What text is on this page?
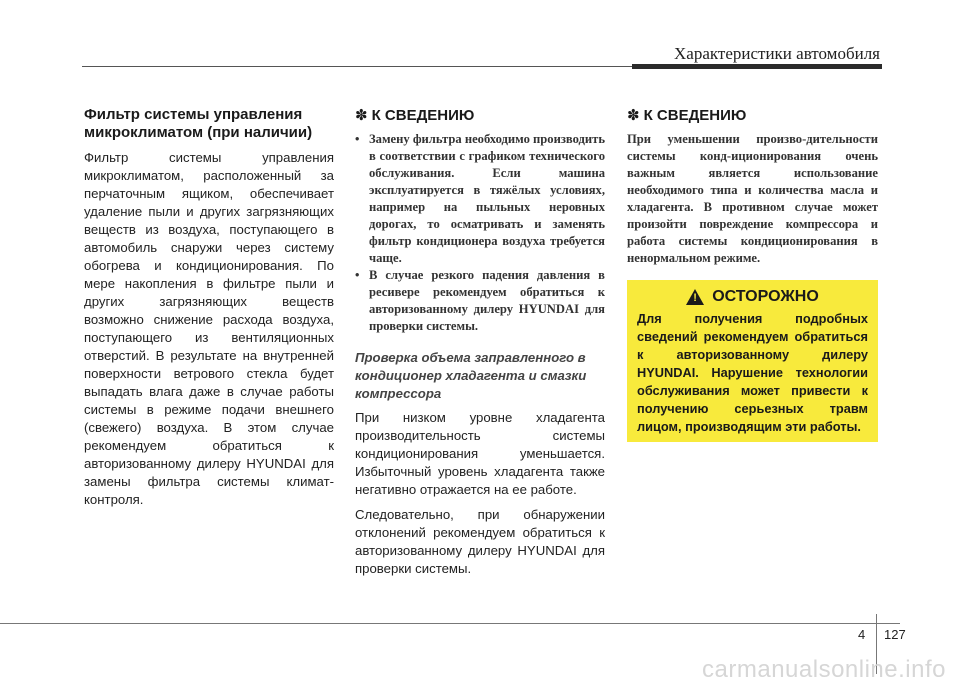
Характеристики автомобиля
Фильтр системы управления
микроклиматом (при наличии)

Фильтр системы управления микроклиматом, расположенный за перчаточным ящиком, обеспечивает удаление пыли и других загрязняющих веществ из воздуха, поступающего в автомобиль снаружи через систему обогрева и кондиционирования. По мере накопления в фильтре пыли и других загрязняющих веществ возможно снижение расхода воздуха, поступающего из вентиляционных отверстий. В результате на внутренней поверхности ветрового стекла будет выпадать влага даже в случае работы системы в режиме подачи внешнего (свежего) воздуха. В этом случае рекомендуем обратиться к авторизованному дилеру HYUNDAI для замены фильтра системы климат-контроля.

✽ К СВЕДЕНИЮ
• Замену фильтра необходимо производить в соответствии с графиком технического обслуживания. Если машина эксплуатируется в тяжёлых условиях, например на пыльных неровных дорогах, то осматривать и заменять фильтр кондиционера воздуха требуется чаще.
• В случае резкого падения давления в ресивере рекомендуем обратиться к авторизованному дилеру HYUNDAI для проверки системы.
Проверка объема заправленного в кондиционер хладагента и смазки компрессора

При низком уровне хладагента производительность системы кондиционирования уменьшается. Избыточный уровень хладагента также негативно отражается на ее работе.

Следовательно, при обнаружении отклонений рекомендуем обратиться к авторизованному дилеру HYUNDAI для проверки системы.

✽ К СВЕДЕНИЮ

При уменьшении произво-дительности системы конд-иционирования очень важным является использование необходимого типа и количества масла и хладагента. В противном случае может произойти повреждение компрессора и работа системы кондиционирования в ненормальном режиме.

! ОСТОРОЖНО

Для получения подробных сведений рекомендуем обратиться к авторизованному дилеру HYUNDAI. Нарушение технологии обслуживания может привести к получению серьезных травм лицом, производящим эти работы.

4 127
carmanualsonline.info
